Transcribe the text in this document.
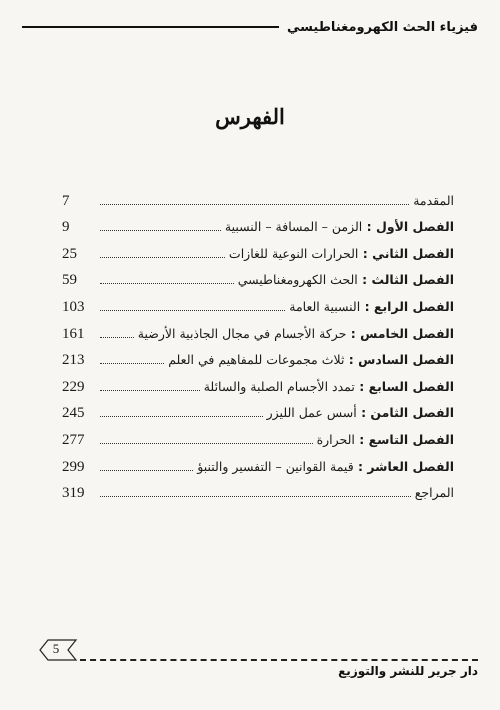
فيزياء الحث الكهرومغناطيسي
الفهرس
المقدمة
7
الفصل الأول : الزمن – المسافة – النسبية
9
الفصل الثاني : الحرارات النوعية للغازات
25
الفصل الثالث : الحث الكهرومغناطيسي
59
الفصل الرابع : النسبية العامة
103
الفصل الخامس : حركة الأجسام في مجال الجاذبية الأرضية
161
الفصل السادس : ثلاث مجموعات للمفاهيم في العلم
213
الفصل السابع : تمدد الأجسام الصلبة والسائلة
229
الفصل الثامن : أسس عمل الليزر
245
الفصل التاسع : الحرارة
277
الفصل العاشر : قيمة القوانين – التفسير والتنبؤ
299
المراجع
319
5
دار جرير للنشر والتوزيع
